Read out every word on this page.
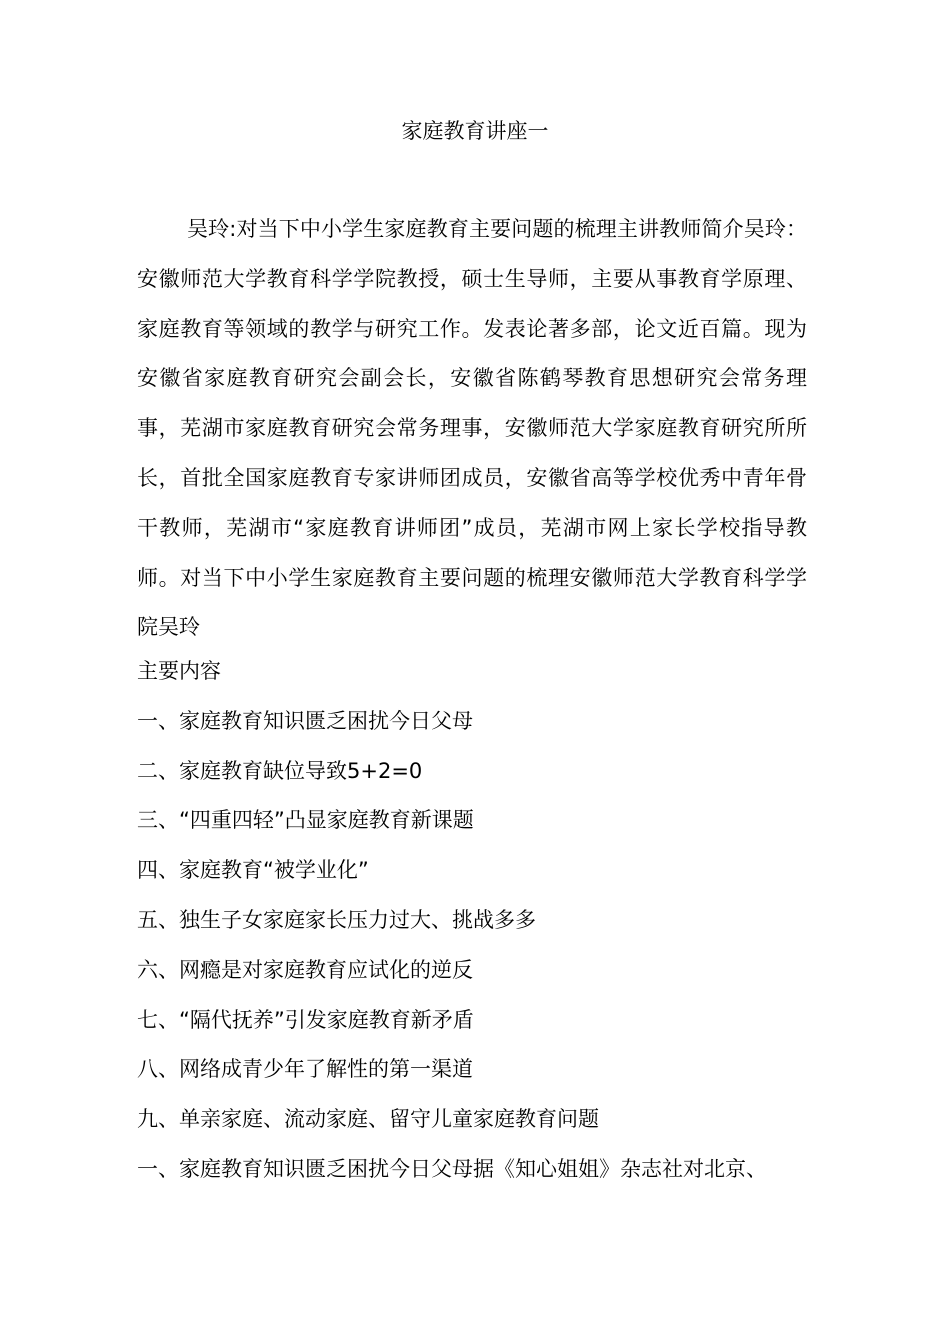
家庭教育讲座一

吴玲:对当下中小学生家庭教育主要问题的梳理主讲教师简介吴玲：安徽师范大学教育科学学院教授，硕士生导师，主要从事教育学原理、家庭教育等领域的教学与研究工作。发表论著多部，论文近百篇。现为安徽省家庭教育研究会副会长，安徽省陈鹤琴教育思想研究会常务理事，芜湖市家庭教育研究会常务理事，安徽师范大学家庭教育研究所所长，首批全国家庭教育专家讲师团成员，安徽省高等学校优秀中青年骨干教师，芜湖市“家庭教育讲师团”成员，芜湖市网上家长学校指导教师。对当下中小学生家庭教育主要问题的梳理安徽师范大学教育科学学院吴玲

主要内容
一、家庭教育知识匮乏困扰今日父母
二、家庭教育缺位导致5+2=0
三、“四重四轻”凸显家庭教育新课题
四、家庭教育“被学业化”
五、独生子女家庭家长压力过大、挑战多多
六、网瘾是对家庭教育应试化的逆反
七、“隔代抚养”引发家庭教育新矛盾
八、网络成青少年了解性的第一渠道
九、单亲家庭、流动家庭、留守儿童家庭教育问题
一、家庭教育知识匮乏困扰今日父母据《知心姐姐》杂志社对北京、
